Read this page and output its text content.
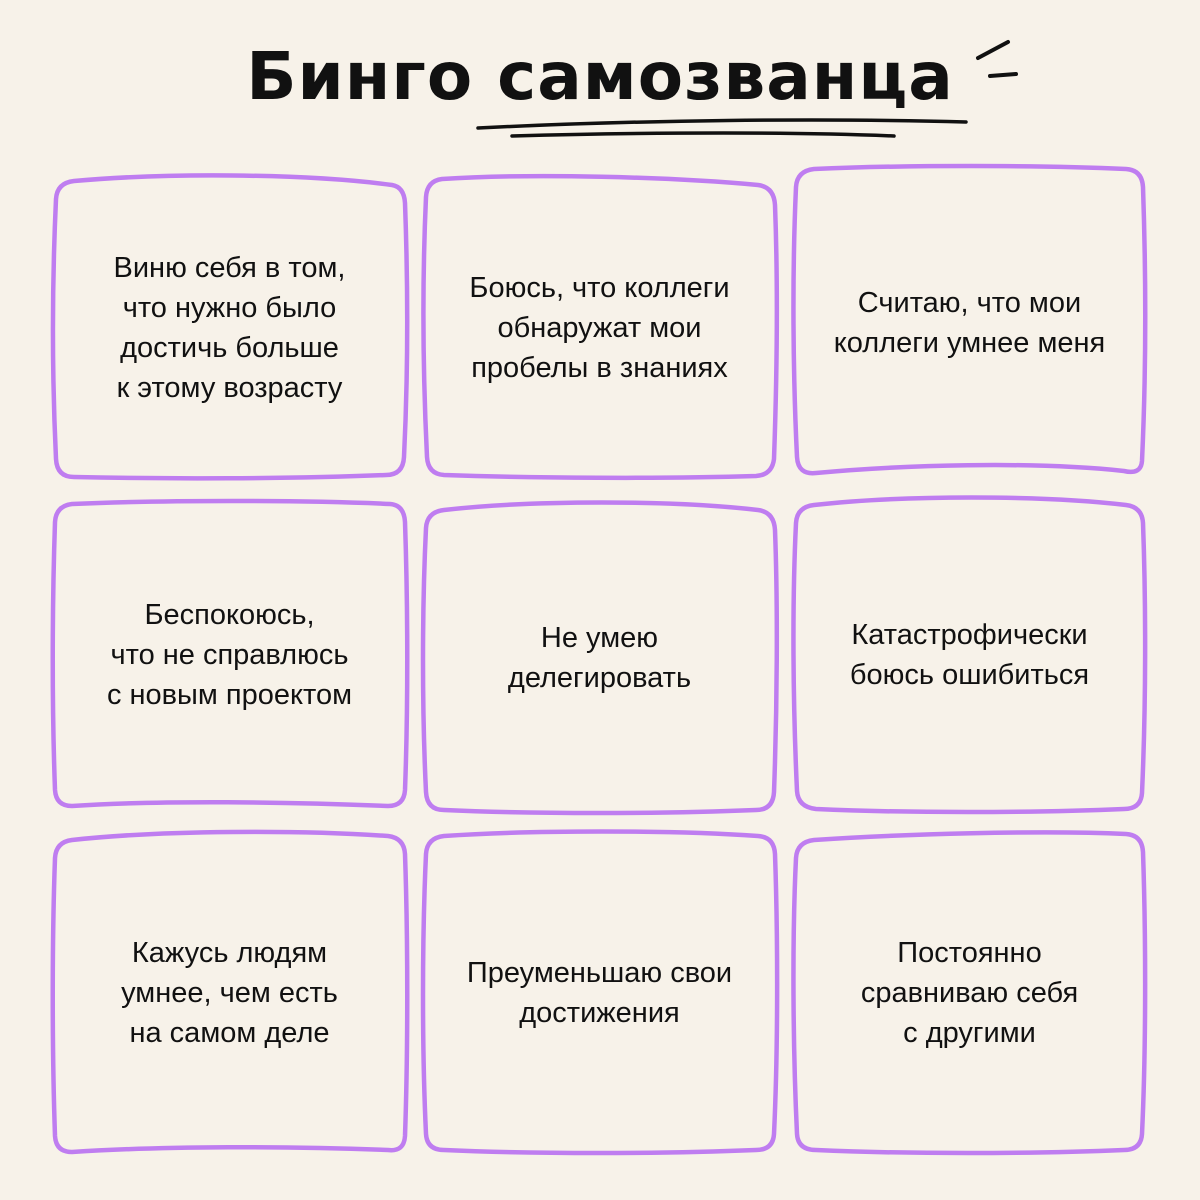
Бинго самозванца
Виню себя в том,
что нужно было
достичь больше
к этому возрасту
Боюсь, что коллеги
обнаружат мои
пробелы в знаниях
Считаю, что мои
коллеги умнее меня
Беспокоюсь,
что не справлюсь
с новым проектом
Не умею
делегировать
Катастрофически
боюсь ошибиться
Кажусь людям
умнее, чем есть
на самом деле
Преуменьшаю свои
достижения
Постоянно
сравниваю себя
с другими
